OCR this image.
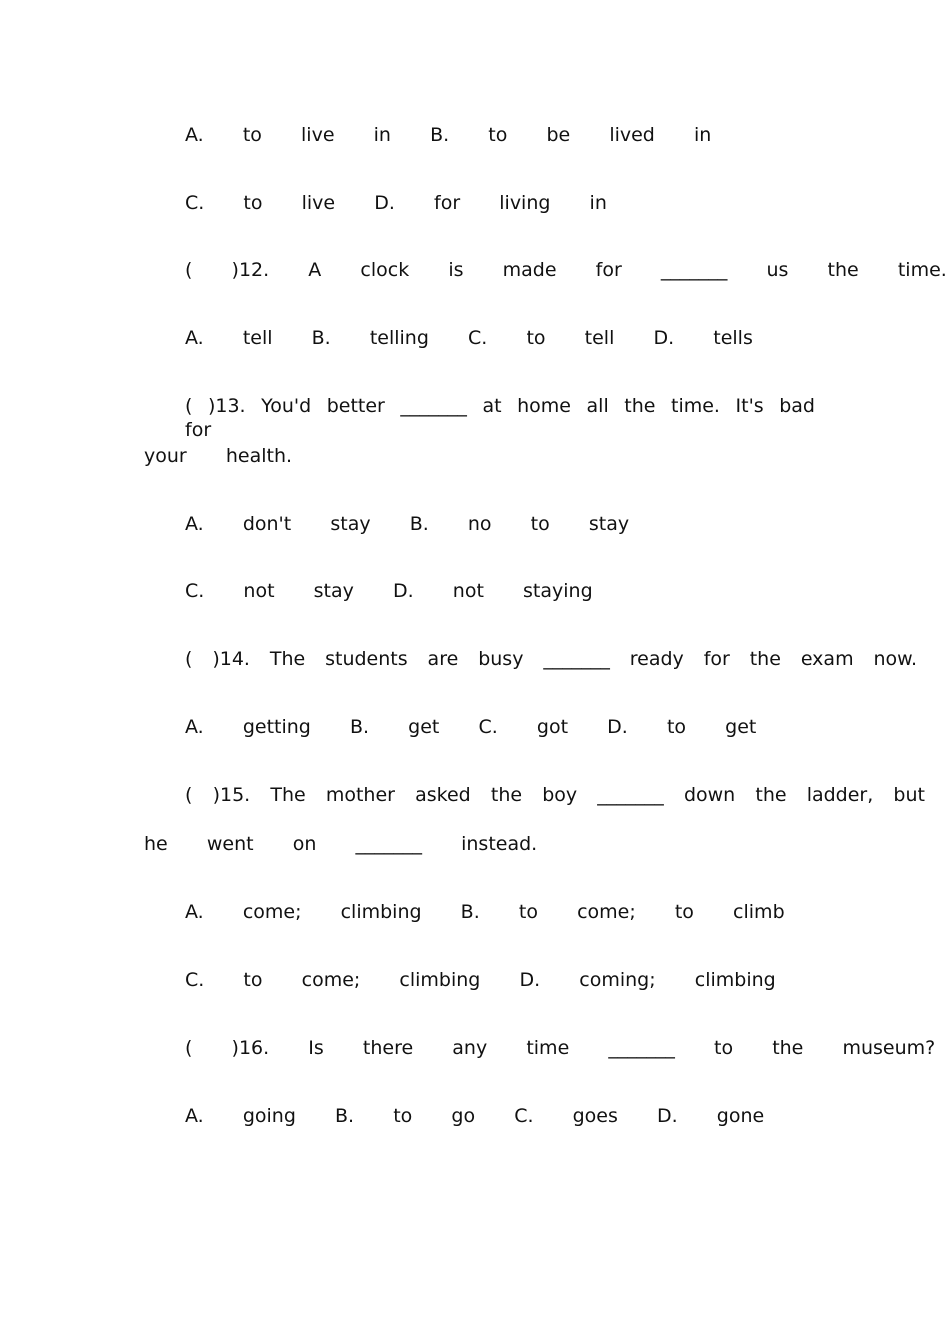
A.   to   live   in   B.   to   be   lived   in
C.   to   live   D.   for   living   in
(   )12.   A   clock   is   made   for   _______   us   the   time.
A.   tell   B.   telling   C.   to   tell   D.   tells
( )13. You'd better _______ at home all the time. It's bad for
your   health.
A.   don't   stay   B.   no   to   stay
C.   not   stay   D.   not   staying
( )14. The students are busy _______ ready for the exam now.
A.   getting   B.   get   C.   got   D.   to   get
( )15. The mother asked the boy _______ down the ladder, but
he   went   on   _______   instead.
A.   come;   climbing   B.   to   come;   to   climb
C.   to   come;   climbing   D.   coming;   climbing
(   )16.   Is   there   any   time   _______   to   the   museum?
A.   going   B.   to   go   C.   goes   D.   gone
